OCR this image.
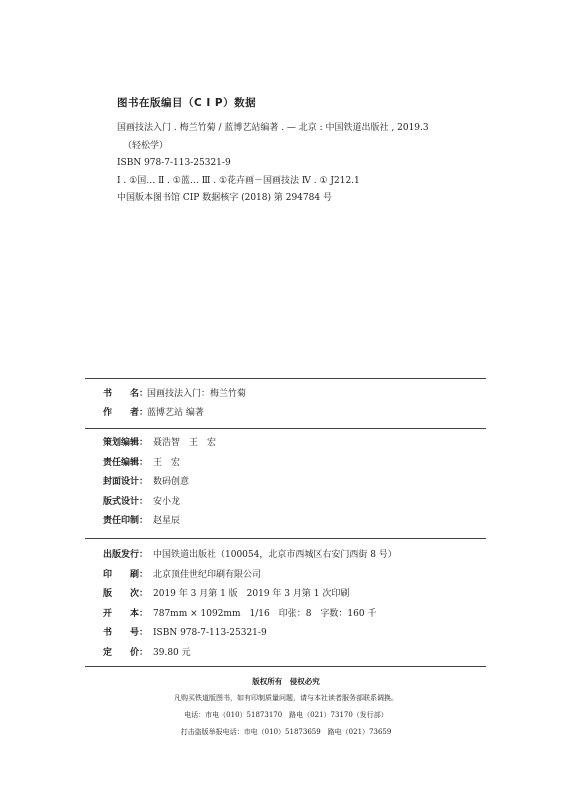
图书在版编目（C I P）数据
国画技法入门 . 梅兰竹菊 / 蓝博艺站编著 . — 北京 : 中国铁道出版社 , 2019.3
（轻松学）
ISBN 978-7-113-25321-9
Ⅰ . ①国… Ⅱ . ①蓝… Ⅲ . ①花卉画－国画技法 Ⅳ . ① J212.1
中国版本图书馆 CIP 数据核字 (2018) 第 294784 号
书　　名：
国画技法入门：梅兰竹菊
作　　者：
蓝博艺站 编著
策划编辑： 聂浩智　王　宏
责任编辑： 王　宏
封面设计： 数码创意
版式设计： 安小龙
责任印制： 赵星辰
出版发行： 中国铁道出版社（100054，北京市西城区右安门西街 8 号）
印　　刷： 北京顶佳世纪印刷有限公司
版　　次： 2019 年 3 月第 1 版　2019 年 3 月第 1 次印刷
开　　本： 787mm × 1092mm　1/16　印张：8　字数：160 千
书　　号： ISBN 978-7-113-25321-9
定　　价： 39.80 元
版权所有　侵权必究
凡购买铁道版图书，如有印制质量问题，请与本社读者服务部联系调换。
电话：市电（010）51873170　路电（021）73170（发行部）
打击盗版举报电话：市电（010）51873659　路电（021）73659
